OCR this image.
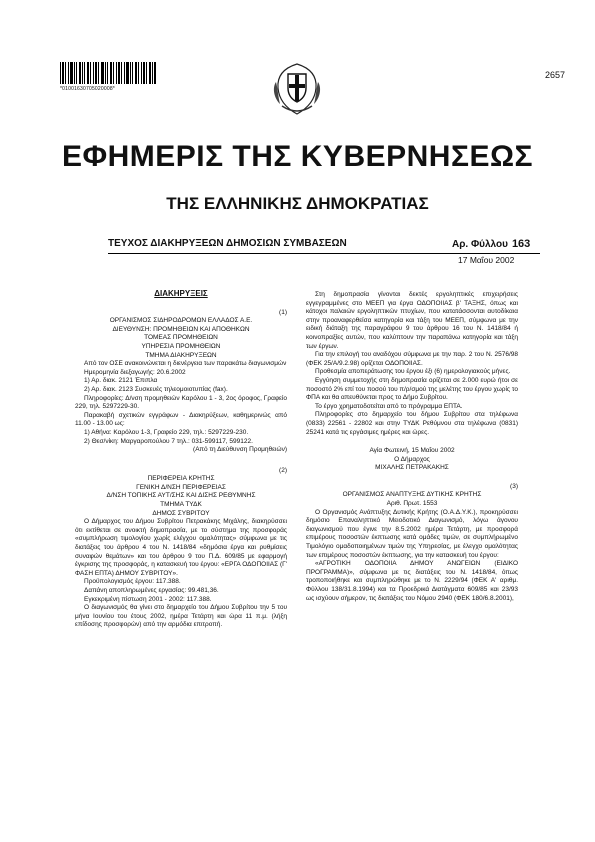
*01001630705020008*
2657
ΕΦΗΜΕΡΙΣ ΤΗΣ ΚΥΒΕΡΝΗΣΕΩΣ
ΤΗΣ ΕΛΛΗΝΙΚΗΣ ΔΗΜΟΚΡΑΤΙΑΣ
ΤΕΥΧΟΣ ΔΙΑΚΗΡΥΞΕΩΝ ΔΗΜΟΣΙΩΝ ΣΥΜΒΑΣΕΩΝ	Αρ. Φύλλου 163
17 Μαΐου 2002

ΔΙΑΚΗΡΥΞΕΙΣ

(1)

ΟΡΓΑΝΙΣΜΟΣ ΣΙΔΗΡΟΔΡΟΜΩΝ ΕΛΛΑΔΟΣ Α.Ε.

ΔΙΕΥΘΥΝΣΗ: ΠΡΟΜΗΘΕΙΩΝ ΚΑΙ ΑΠΟΘΗΚΩΝ

ΤΟΜΕΑΣ ΠΡΟΜΗΘΕΙΩΝ

ΥΠΗΡΕΣΙΑ ΠΡΟΜΗΘΕΙΩΝ

ΤΜΗΜΑ ΔΙΑΚΗΡΥΞΕΩΝ

Από τον ΟΣΕ ανακοινώνεται η διενέργεια των παρακάτω διαγωνισμών

Ημερομηνία διεξαγωγής: 20.6.2002

1) Αρ. διακ. 2121 Έπιπλα

2) Αρ. διακ. 2123 Συσκευές τηλεομοιοτυπίας (fax).

Πληροφορίες: Δ/νση προμηθειών Καρόλου 1 - 3, 2ος όροφος, Γραφείο 229, τηλ. 5297229-30.

Παρακαβή σχετικών εγγράφων - Διακηρύξεων, καθημερινώς από 11.00 - 13.00 ως:

1) Αθήνα: Καρόλου 1-3, Γραφείο 229, τηλ.: 5297229-230.

2) Θεσ/νίκη: Μαργαροπούλου 7 τηλ.: 031-599117, 599122.

(Από τη Διεύθυνση Προμηθειών)

(2)

ΠΕΡΙΦΕΡΕΙΑ ΚΡΗΤΗΣ

ΓΕΝΙΚΗ Δ/ΝΣΗ ΠΕΡΙΦΕΡΕΙΑΣ

Δ/ΝΣΗ ΤΟΠΙΚΗΣ ΑΥΤ/ΣΗΣ ΚΑΙ ΔΙΣΗΣ ΡΕΘΥΜΝΗΣ

ΤΜΗΜΑ ΤΥΔΚ

ΔΗΜΟΣ ΣΥΒΡΙΤΟΥ

Ο Δήμαρχος του Δήμου Συβρίτου Πετρακάκης Μιχάλης, διακηρύσσει ότι εκτίθεται σε ανοικτή δημοπρασία, με το σύστημα της προσφοράς «συμπλήρωση τιμολογίου χωρίς ελέγχου ομαλότητας» σύμφωνα με τις διατάξεις του άρθρου 4 του Ν. 1418/84 «δημόσια έργα και ρυθμίσεις συναφών θεμάτων» και του άρθρου 9 του Π.Δ. 609/85 με εφαρμογή έγκρισης της προσφοράς, η κατασκευή του έργου: «ΕΡΓΑ ΟΔΟΠΟΙΙΑΣ (Γ' ΦΑΣΗ ΕΠΤΑ) ΔΗΜΟΥ ΣΥΒΡΙΤΟΥ».

Προϋπολογισμός έργου: 117.388.

Δαπάνη αποπληρωμένες εργασίας: 99.481,36.

Εγκεκριμένη πίστωση 2001 - 2002: 117.388.

Ο διαγωνισμός θα γίνει στο δημαρχείο του Δήμου Συβρίτου την 5 του μήνα Ιουνίου του έτους 2002, ημέρα Τετάρτη και ώρα 11 π.μ. (λήξη επίδοσης προσφορών) από την αρμόδια επιτροπή.

Στη δημοπρασία γίνονται δεκτές εργοληπτικές επιχειρήσεις εγγεγραμμένες στο ΜΕΕΠ για έργα ΟΔΟΠΟΙΙΑΣ β' ΤΑΞΗΣ, όπως και κάτοχοι παλαιών εργοληπτικών πτυχίων, που κατατάσσονται αυτοδίκαια στην προαναφερθείσα κατηγορία και τάξη του ΜΕΕΠ, σύμφωνα με την ειδική διάταξη της παραγράφου 9 του άρθρου 16 του Ν. 1418/84 ή κοινοπραξίες αυτών, που καλύπτουν την παραπάνω κατηγορία και τάξη των έργων.

Για την επιλογή του αναδόχου σύμφωνα με την παρ. 2 του Ν. 2576/98 (ΦΕΚ 25/Α/9.2.98) ορίζεται ΟΔΟΠΟΙΙΑΣ.

Προθεσμία αποπεράτωσης του έργου έξι (6) ημερολογιακούς μήνες.

Εγγύηση συμμετοχής στη δημοπρασία ορίζεται σε 2.000 ευρώ ήτοι σε ποσοστό 2% επί του ποσού του π/ρ/σμού της μελέτης του έργου χωρίς το ΦΠΑ και θα απευθύνεται προς το Δήμο Συβρίτου.

Το έργο χρηματοδοτείται από το πρόγραμμα ΕΠΤΑ.

Πληροφορίες στο δημαρχείο του δήμου Συβρίτου στα τηλέφωνα (0833) 22561 - 22802 και στην ΤΥΔΚ Ρεθύμνου στα τηλέφωνα (0831) 25241 κατά τις εργάσιμες ημέρες και ώρες.

Αγία Φωτεινή, 15 Μαΐου 2002

Ο Δήμαρχος

ΜΙΧΑΛΗΣ ΠΕΤΡΑΚΑΚΗΣ

(3)

ΟΡΓΑΝΙΣΜΟΣ ΑΝΑΠΤΥΞΗΣ ΔΥΤΙΚΗΣ ΚΡΗΤΗΣ

Αριθ. Πρωτ. 1553

Ο Οργανισμός Ανάπτυξης Δυτικής Κρήτης (Ο.Α.Δ.Υ.Κ.), προκηρύσσει δημόσιο Επαναληπτικό Μειοδοτικό Διαγωνισμό, λόγω άγονου διαγωνισμού που έγινε την 8.5.2002 ημέρα Τετάρτη, με προσφορά επιμέρους ποσοστών έκπτωσης κατά ομάδες τιμών, σε συμπλήρωμένο Τιμολόγιο ομαδοποιημένων τιμών της Υπηρεσίας, με έλεγχο ομαλότητας των επιμέρους ποσοστών έκπτωσης, για την κατασκευή του έργου:

«ΑΓΡΟΤΙΚΗ ΟΔΟΠΟΙΙΑ ΔΗΜΟΥ ΑΝΩΓΕΙΩΝ (ΕΙΔΙΚΟ ΠΡΟΓΡΑΜΜΑ)», σύμφωνα με τις διατάξεις του Ν. 1418/84, όπως τροποποιήθηκε και συμπληρώθηκε με το Ν. 2229/94 (ΦΕΚ Α' αριθμ. Φύλλου 138/31.8.1994) και τα Προεδρικά Διατάγματα 609/85 και 23/93 ως ισχύουν σήμερον, τις διατάξεις του Νόμου 2940 (ΦΕΚ 180/6.8.2001),
